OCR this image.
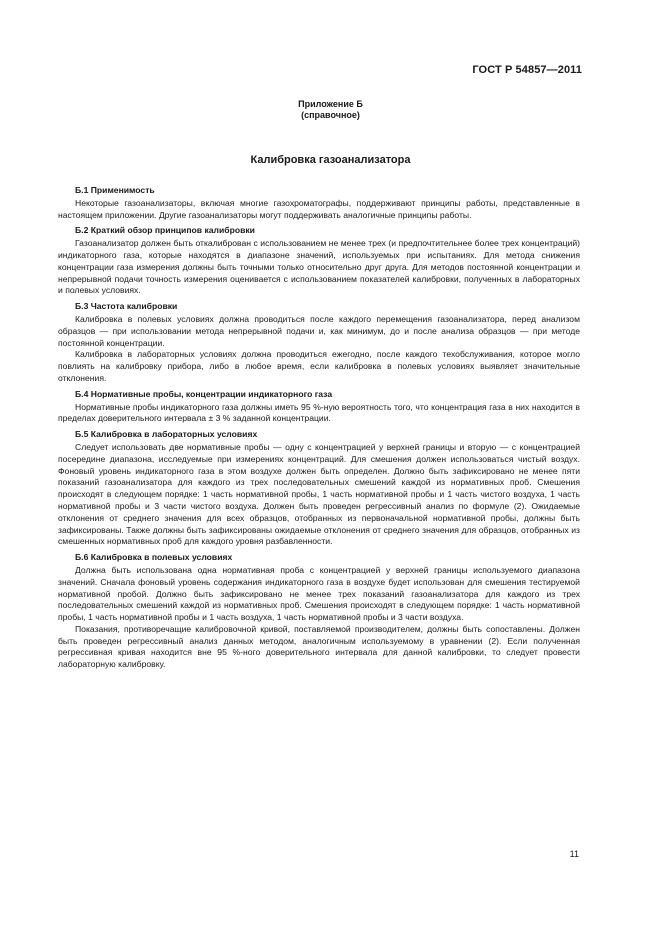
ГОСТ Р 54857—2011
Приложение Б
(справочное)
Калибровка газоанализатора
Б.1 Применимость

Некоторые газоанализаторы, включая многие газохроматографы, поддерживают принципы работы, представленные в настоящем приложении. Другие газоанализаторы могут поддерживать аналогичные принципы работы.

Б.2 Краткий обзор принципов калибровки

Газоанализатор должен быть откалиброван с использованием не менее трех (и предпочтительнее более трех концентраций) индикаторного газа, которые находятся в диапазоне значений, используемых при испытаниях. Для метода снижения концентрации газа измерения должны быть точными только относительно друг друга. Для методов постоянной концентрации и непрерывной подачи точность измерения оценивается с использованием показателей калибровки, полученных в лабораторных и полевых условиях.

Б.3 Частота калибровки

Калибровка в полевых условиях должна проводиться после каждого перемещения газоанализатора, перед анализом образцов — при использовании метода непрерывной подачи и, как минимум, до и после анализа образцов — при методе постоянной концентрации.

Калибровка в лабораторных условиях должна проводиться ежегодно, после каждого техобслуживания, которое могло повлиять на калибровку прибора, либо в любое время, если калибровка в полевых условиях выявляет значительные отклонения.

Б.4 Нормативные пробы, концентрации индикаторного газа

Нормативные пробы индикаторного газа должны иметь 95 %-ную вероятность того, что концентрация газа в них находится в пределах доверительного интервала ± 3 % заданной концентрации.

Б.5 Калибровка в лабораторных условиях

Следует использовать две нормативные пробы — одну с концентрацией у верхней границы и вторую — с концентрацией посередине диапазона, исследуемые при измерениях концентраций. Для смешения должен использоваться чистый воздух. Фоновый уровень индикаторного газа в этом воздухе должен быть определен. Должно быть зафиксировано не менее пяти показаний газоанализатора для каждого из трех последовательных смешений каждой из нормативных проб. Смешения происходят в следующем порядке: 1 часть нормативной пробы, 1 часть нормативной пробы и 1 часть чистого воздуха, 1 часть нормативной пробы и 3 части чистого воздуха. Должен быть проведен регрессивный анализ по формуле (2). Ожидаемые отклонения от среднего значения для всех образцов, отобранных из первоначальной нормативной пробы, должны быть зафиксированы. Также должны быть зафиксированы ожидаемые отклонения от среднего значения для образцов, отобранных из смешенных нормативных проб для каждого уровня разбавленности.

Б.6 Калибровка в полевых условиях

Должна быть использована одна нормативная проба с концентрацией у верхней границы используемого диапазона значений. Сначала фоновый уровень содержания индикаторного газа в воздухе будет использован для смешения тестируемой нормативной пробой. Должно быть зафиксировано не менее трех показаний газоанализатора для каждого из трех последовательных смешений каждой из нормативных проб. Смешения происходят в следующем порядке: 1 часть нормативной пробы, 1 часть нормативной пробы и 1 часть воздуха, 1 часть нормативной пробы и 3 части воздуха.

Показания, противоречащие калибровочной кривой, поставляемой производителем, должны быть сопоставлены. Должен быть проведен регрессивный анализ данных методом, аналогичным используемому в уравнении (2). Если полученная регрессивная кривая находится вне 95 %-ного доверительного интервала для данной калибровки, то следует провести лабораторную калибровку.

11
